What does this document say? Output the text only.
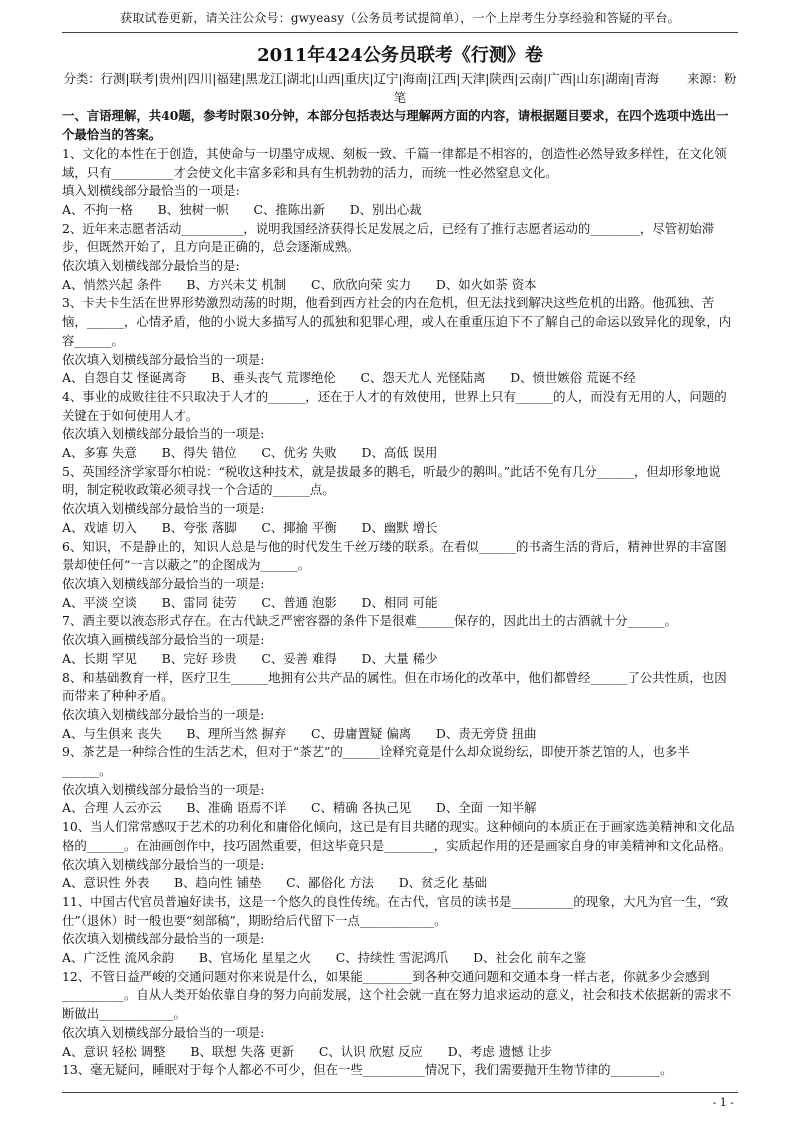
获取试卷更新，请关注公众号：gwyeasy（公务员考试提简单），一个上岸考生分享经验和答疑的平台。
2011年424公务员联考《行测》卷
分类：行测|联考|贵州|四川|福建|黑龙江|湖北|山西|重庆|辽宁|海南|江西|天津|陕西|云南|广西|山东|湖南|青海 来源：粉笔
一、言语理解，共40题，参考时限30分钟，本部分包括表达与理解两方面的内容，请根据题目要求，在四个选项中选出一个最恰当的答案。
1、文化的本性在于创造，其使命与一切墨守成规、刻板一致、千篇一律都是不相容的，创造性必然导致多样性，在文化领域，只有__________才会使文化丰富多彩和具有生机勃勃的活力，而统一性必然窒息文化。
填入划横线部分最恰当的一项是:
A、不拘一格　　B、独树一帜　　C、推陈出新　　D、别出心裁
2、近年来志愿者活动__________，说明我国经济获得长足发展之后，已经有了推行志愿者运动的________，尽管初始滞步，但既然开始了，且方向是正确的，总会逐渐成熟。
依次填入划横线部分最恰当的是:
A、悄然兴起 条件　　B、方兴未艾 机制　　C、欣欣向荣 实力　　D、如火如荼 资本
3、卡夫卡生活在世界形势激烈动荡的时期，他看到西方社会的内在危机，但无法找到解决这些危机的出路。他孤独、苦恼，______，心情矛盾，他的小说大多描写人的孤独和犯罪心理，或人在重重压迫下不了解自己的命运以致异化的现象，内容______。
依次填入划横线部分最恰当的一项是:
A、自怨自艾 怪诞离奇　　B、垂头丧气 荒谬绝伦　　C、怨天尤人 光怪陆离　　D、愤世嫉俗 荒诞不经
4、事业的成败往往不只取决于人才的______，还在于人才的有效使用，世界上只有______的人，而没有无用的人，问题的关键在于如何使用人才。
依次填入划横线部分最恰当的一项是:
A、多寡 失意　　B、得失 错位　　C、优劣 失败　　D、高低 误用
5、英国经济学家哥尔柏说：“税收这种技术，就是拔最多的鹅毛，听最少的鹅叫。”此话不免有几分______，但却形象地说明，制定税收政策必须寻找一个合适的______点。
依次填入划横线部分最恰当的一项是:
A、戏谑 切入　　B、夸张 落脚　　C、揶揄 平衡　　D、幽默 增长
6、知识，不是静止的，知识人总是与他的时代发生千丝万缕的联系。在看似______的书斋生活的背后，精神世界的丰富图景却使任何“一言以蔽之”的企图成为______。
依次填入划横线部分最恰当的一项是:
A、平淡 空谈　　B、雷同 徒劳　　C、普通 泡影　　D、相同 可能
7、酒主要以液态形式存在。在古代缺乏严密容器的条件下是很难______保存的，因此出土的古酒就十分______。
依次填入画横线部分最恰当的一项是:
A、长期 罕见　　B、完好 珍贵　　C、妥善 难得　　D、大量 稀少
8、和基础教育一样，医疗卫生______地拥有公共产品的属性。但在市场化的改革中，他们都曾经______了公共性质，也因而带来了种种矛盾。
依次填入划横线部分最恰当的一项是:
A、与生俱来 丧失　　B、理所当然 摒弃　　C、毋庸置疑 偏离　　D、责无旁贷 扭曲
9、茶艺是一种综合性的生活艺术，但对于“茶艺”的______诠释究竟是什么却众说纷纭，即使开茶艺馆的人，也多半______。
依次填入划横线部分最恰当的一项是:
A、合理 人云亦云　　B、准确 语焉不详　　C、精确 各执己见　　D、全面 一知半解
10、当人们常常感叹于艺术的功利化和庸俗化倾向，这已是有目共睹的现实。这种倾向的本质正在于画家选美精神和文化品格的______。在油画创作中，技巧固然重要，但这毕竟只是________，实质起作用的还是画家自身的审美精神和文化品格。
依次填入划横线部分最恰当的一项是:
A、意识性 外表　　B、趋向性 铺垫　　C、鄙俗化 方法　　D、贫乏化 基础
11、中国古代官员普遍好读书，这是一个悠久的良性传统。在古代，官员的读书是__________的现象，大凡为官一生，“致仕”（退休）时一般也要“刻部稿”，期盼给后代留下一点____________。
依次填入划横线部分最恰当的一项是:
A、广泛性 流风余韵　　B、官场化 星星之火　　C、持续性 雪泥鸿爪　　D、社会化 前车之鉴
12、不管日益严峻的交通问题对你来说是什么，如果能________到各种交通问题和交通本身一样古老，你就多少会感到__________。自从人类开始依靠自身的努力向前发展，这个社会就一直在努力追求运动的意义，社会和技术依据新的需求不断做出____________。
依次填入划横线部分最恰当的一项是:
A、意识 轻松 调整　　B、联想 失落 更新　　C、认识 欣慰 反应　　D、考虑 遗憾 让步
13、毫无疑问，睡眠对于每个人都必不可少，但在一些__________情况下，我们需要抛开生物节律的________。
- 1 -
